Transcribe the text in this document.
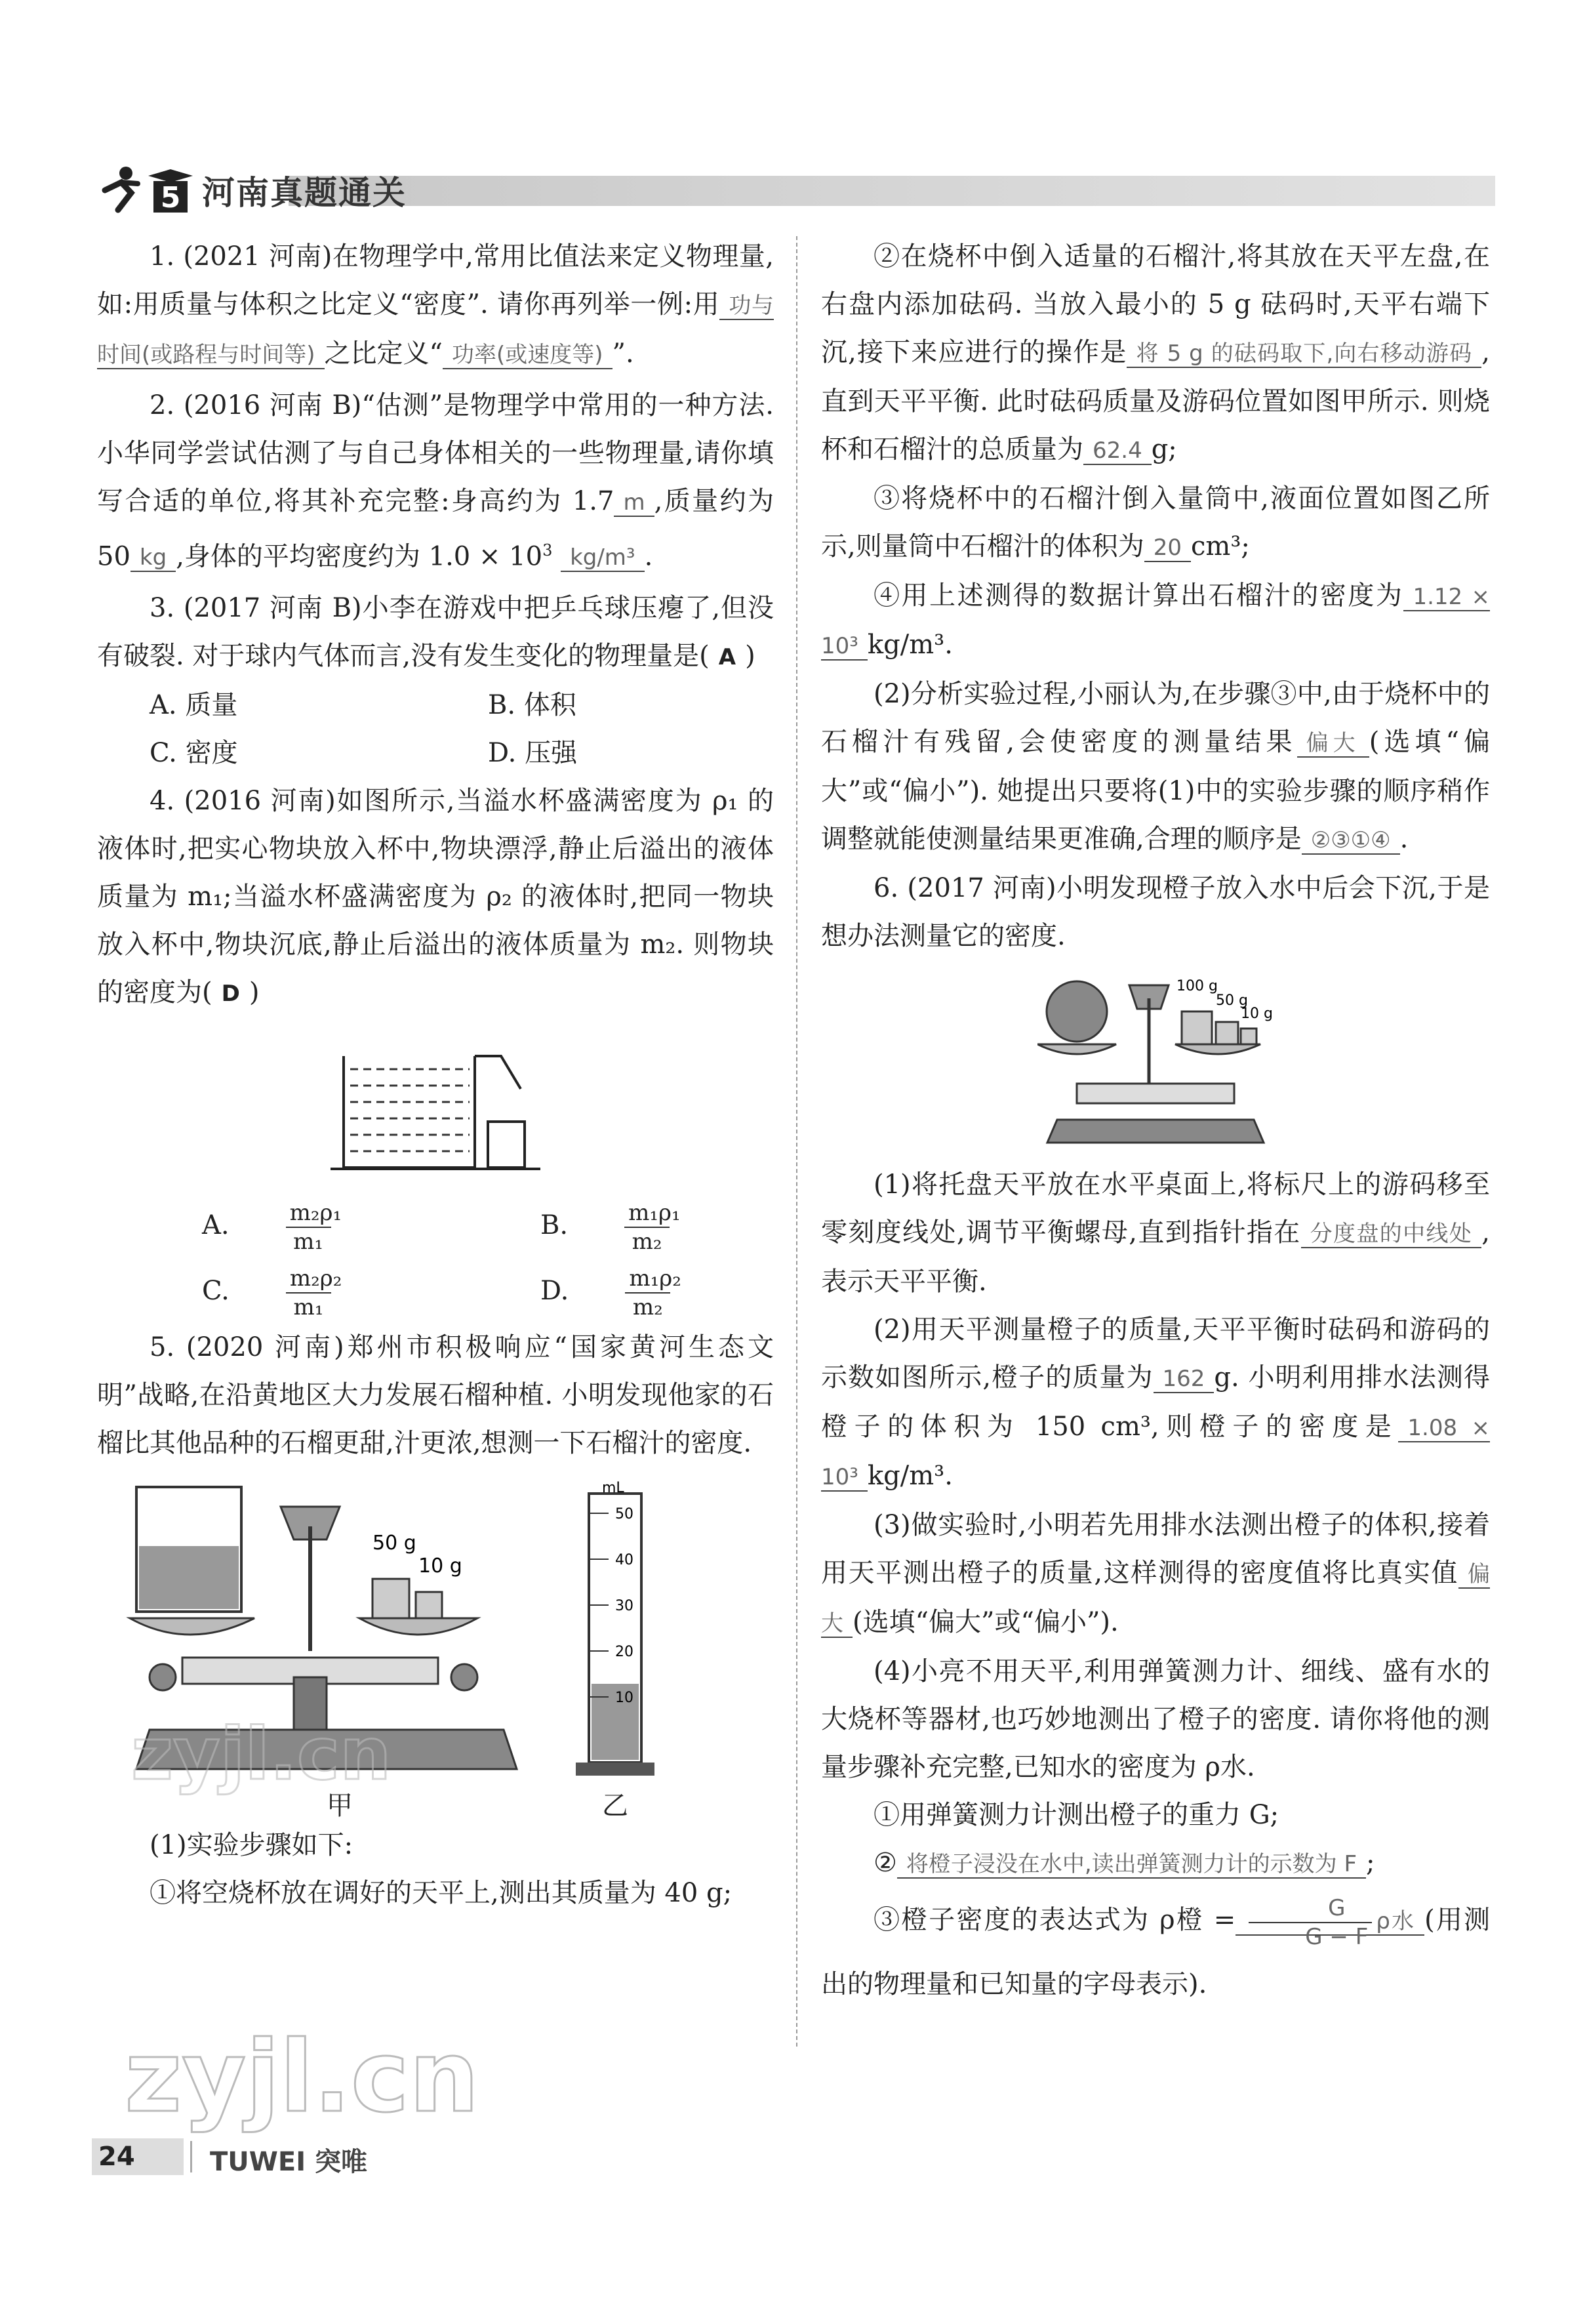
5 河南真题通关

1. (2021 河南)在物理学中,常用比值法来定义物理量,如:用质量与体积之比定义“密度”. 请你再列举一例:用 功与时间(或路程与时间等) 之比定义“ 功率(或速度等) ”.

2. (2016 河南 B)“估测”是物理学中常用的一种方法. 小华同学尝试估测了与自己身体相关的一些物理量,请你填写合适的单位,将其补充完整:身高约为 1.7 m ,质量约为 50 kg ,身体的平均密度约为 $1.0 \times 10^3$ kg/m³ .

3. (2017 河南 B)小李在游戏中把乒乓球压瘪了,但没有破裂. 对于球内气体而言,没有发生变化的物理量是( A )

A. 质量	B. 体积
C. 密度	D. 压强

4. (2016 河南)如图所示,当溢水杯盛满密度为 ρ₁ 的液体时,把实心物块放入杯中,物块漂浮,静止后溢出的液体质量为 m₁;当溢水杯盛满密度为 ρ₂ 的液体时,把同一物块放入杯中,物块沉底,静止后溢出的液体质量为 m₂. 则物块的密度为( D )

A. $\frac{\text{m₂ρ₁}}{\text{m₁}}$	B. $\frac{\text{m₁ρ₁}}{\text{m₂}}$
C. $\frac{\text{m₂ρ₂}}{\text{m₁}}$	D. $\frac{\text{m₁ρ₂}}{\text{m₂}}$

5. (2020 河南)郑州市积极响应“国家黄河生态文明”战略,在沿黄地区大力发展石榴种植. 小明发现他家的石榴比其他品种的石榴更甜,汁更浓,想测一下石榴汁的密度.

50 g
10 g
mL
50
40
30
20
10
甲	乙

(1)实验步骤如下:

①将空烧杯放在调好的天平上,测出其质量为 40 g;

②在烧杯中倒入适量的石榴汁,将其放在天平左盘,在右盘内添加砝码. 当放入最小的 5 g 砝码时,天平右端下沉,接下来应进行的操作是 将 5 g 的砝码取下,向右移动游码 ,直到天平平衡. 此时砝码质量及游码位置如图甲所示. 则烧杯和石榴汁的总质量为 62.4 g;

③将烧杯中的石榴汁倒入量筒中,液面位置如图乙所示,则量筒中石榴汁的体积为 20 cm³;

④用上述测得的数据计算出石榴汁的密度为 1.12 × 10³ kg/m³.

(2)分析实验过程,小丽认为,在步骤③中,由于烧杯中的石榴汁有残留,会使密度的测量结果 偏大 (选填“偏大”或“偏小”). 她提出只要将(1)中的实验步骤的顺序稍作调整就能使测量结果更准确,合理的顺序是 ②③①④ .

6. (2017 河南)小明发现橙子放入水中后会下沉,于是想办法测量它的密度.

100 g
50 g
10 g

(1)将托盘天平放在水平桌面上,将标尺上的游码移至零刻度线处,调节平衡螺母,直到指针指在 分度盘的中线处 ,表示天平平衡.

(2)用天平测量橙子的质量,天平平衡时砝码和游码的示数如图所示,橙子的质量为 162 g. 小明利用排水法测得橙子的体积为 150 cm³,则橙子的密度是 1.08 × 10³ kg/m³.

(3)做实验时,小明若先用排水法测出橙子的体积,接着用天平测出橙子的质量,这样测得的密度值将比真实值 偏大 (选填“偏大”或“偏小”).

(4)小亮不用天平,利用弹簧测力计、细线、盛有水的大烧杯等器材,也巧妙地测出了橙子的密度. 请你将他的测量步骤补充完整,已知水的密度为 ρ水.

①用弹簧测力计测出橙子的重力 G;

② 将橙子浸没在水中,读出弹簧测力计的示数为 F ;

③橙子密度的表达式为 ρ橙 = $\frac{G}{G - F}$ ρ水 (用测出的物理量和已知量的字母表示).

zyjl.cn
zyjl.cn
24	TUWEI 突唯
